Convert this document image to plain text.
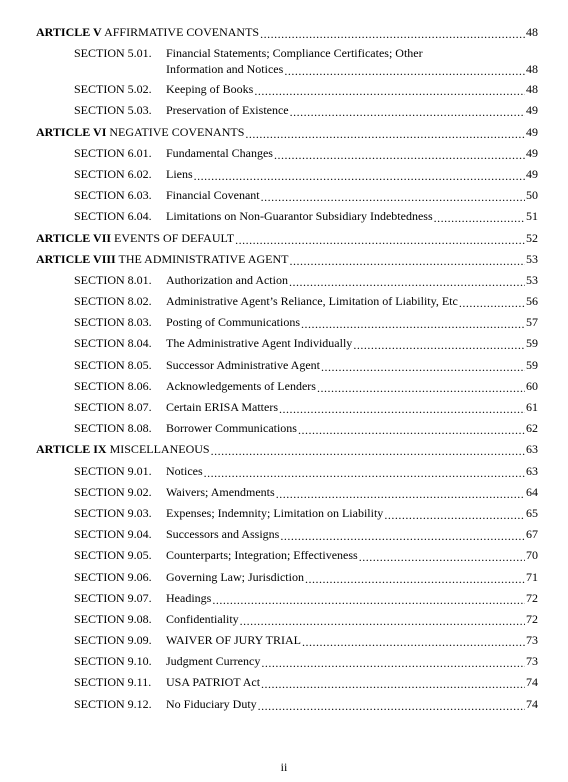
ARTICLE V AFFIRMATIVE COVENANTS .....	48
SECTION 5.01.	Financial Statements; Compliance Certificates; Other
Information and Notices .....	48
SECTION 5.02.	Keeping of Books .....	48
SECTION 5.03.	Preservation of Existence .....	49
ARTICLE VI NEGATIVE COVENANTS .....	49
SECTION 6.01.	Fundamental Changes .....	49
SECTION 6.02.	Liens .....	49
SECTION 6.03.	Financial Covenant .....	50
SECTION 6.04.	Limitations on Non-Guarantor Subsidiary Indebtedness .....	51
ARTICLE VII EVENTS OF DEFAULT .....	52
ARTICLE VIII THE ADMINISTRATIVE AGENT .....	53
SECTION 8.01.	Authorization and Action .....	53
SECTION 8.02.	Administrative Agent’s Reliance, Limitation of Liability, Etc .....	56
SECTION 8.03.	Posting of Communications .....	57
SECTION 8.04.	The Administrative Agent Individually .....	59
SECTION 8.05.	Successor Administrative Agent .....	59
SECTION 8.06.	Acknowledgements of Lenders .....	60
SECTION 8.07.	Certain ERISA Matters .....	61
SECTION 8.08.	Borrower Communications .....	62
ARTICLE IX MISCELLANEOUS .....	63
SECTION 9.01.	Notices .....	63
SECTION 9.02.	Waivers; Amendments .....	64
SECTION 9.03.	Expenses; Indemnity; Limitation on Liability .....	65
SECTION 9.04.	Successors and Assigns .....	67
SECTION 9.05.	Counterparts; Integration; Effectiveness .....	70
SECTION 9.06.	Governing Law; Jurisdiction .....	71
SECTION 9.07.	Headings .....	72
SECTION 9.08.	Confidentiality .....	72
SECTION 9.09.	WAIVER OF JURY TRIAL .....	73
SECTION 9.10.	Judgment Currency .....	73
SECTION 9.11.	USA PATRIOT Act .....	74
SECTION 9.12.	No Fiduciary Duty .....	74
ii
